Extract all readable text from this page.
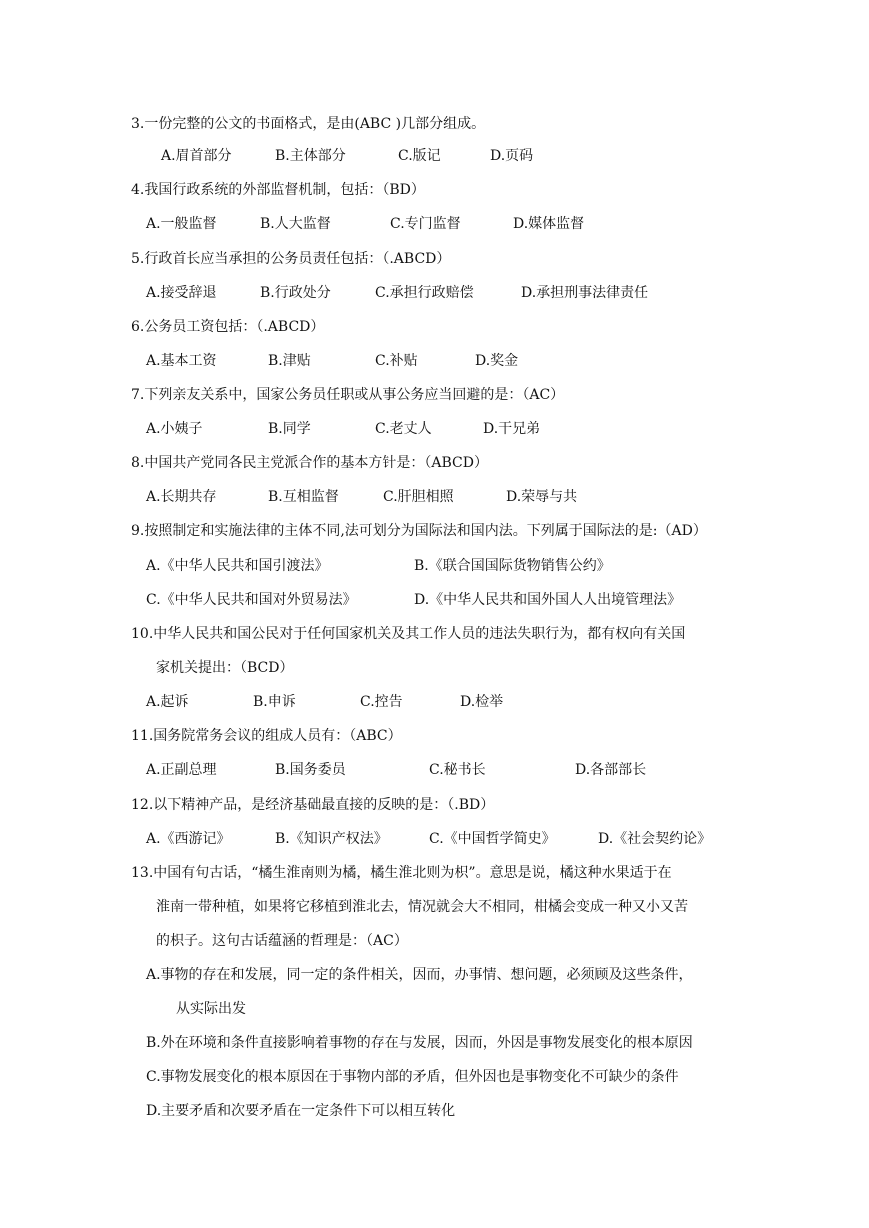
3.一份完整的公文的书面格式，是由(ABC )几部分组成。
A.眉首部分	B.主体部分	C.版记	D.页码
4.我国行政系统的外部监督机制，包括：（BD）
A.一般监督	B.人大监督	C.专门监督	D.媒体监督
5.行政首长应当承担的公务员责任包括：（.ABCD）
A.接受辞退	B.行政处分	C.承担行政赔偿	D.承担刑事法律责任
6.公务员工资包括：（.ABCD）
A.基本工资	B.津贴	C.补贴	D.奖金
7.下列亲友关系中，国家公务员任职或从事公务应当回避的是：（AC）
A.小姨子	B.同学	C.老丈人	D.干兄弟
8.中国共产党同各民主党派合作的基本方针是：（ABCD）
A.长期共存	B.互相监督	C.肝胆相照	D.荣辱与共
9.按照制定和实施法律的主体不同,法可划分为国际法和国内法。下列属于国际法的是:（AD）
A.《中华人民共和国引渡法》	B.《联合国国际货物销售公约》
C.《中华人民共和国对外贸易法》	D.《中华人民共和国外国人人出境管理法》
10.中华人民共和国公民对于任何国家机关及其工作人员的违法失职行为，都有权向有关国
家机关提出：（BCD）
A.起诉	B.申诉	C.控告	D.检举
11.国务院常务会议的组成人员有：（ABC）
A.正副总理	B.国务委员	C.秘书长	D.各部部长
12.以下精神产品，是经济基础最直接的反映的是：（.BD）
A.《西游记》	B.《知识产权法》	C.《中国哲学简史》	D.《社会契约论》
13.中国有句古话，“橘生淮南则为橘，橘生淮北则为枳”。意思是说，橘这种水果适于在
淮南一带种植，如果将它移植到淮北去，情况就会大不相同，柑橘会变成一种又小又苦
的枳子。这句古话蕴涵的哲理是：（AC）
A.事物的存在和发展，同一定的条件相关，因而，办事情、想问题，必须顾及这些条件，
从实际出发
B.外在环境和条件直接影响着事物的存在与发展，因而，外因是事物发展变化的根本原因
C.事物发展变化的根本原因在于事物内部的矛盾，但外因也是事物变化不可缺少的条件
D.主要矛盾和次要矛盾在一定条件下可以相互转化
